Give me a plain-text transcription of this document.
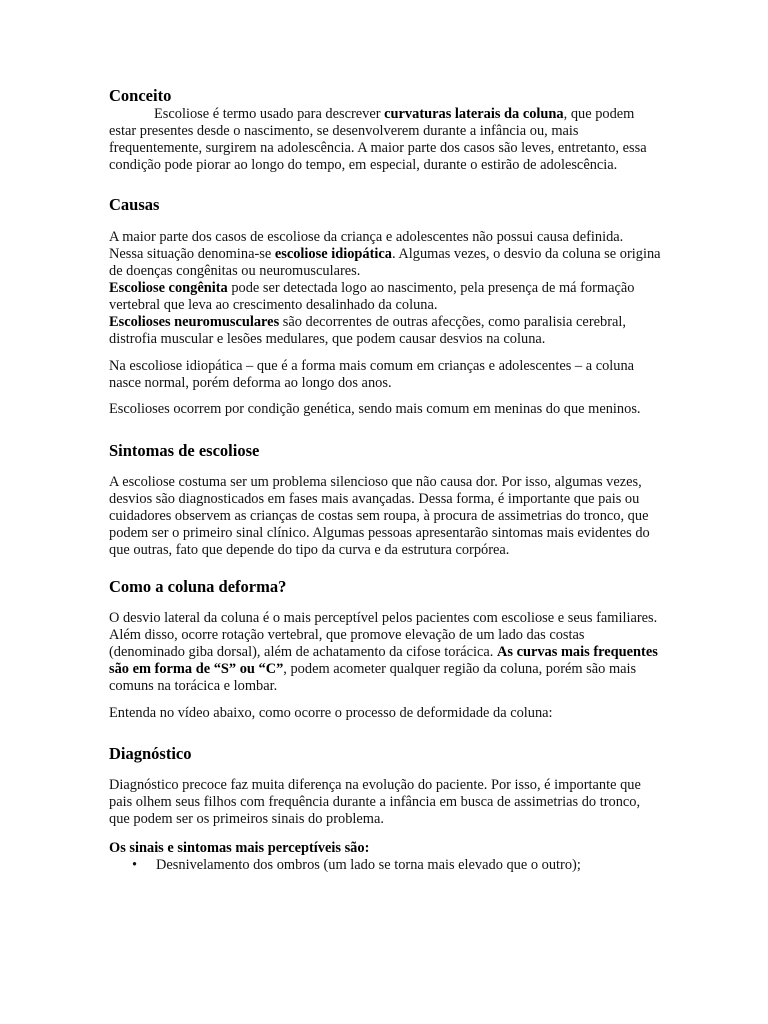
Conceito

Escoliose é termo usado para descrever curvaturas laterais da coluna, que podem estar presentes desde o nascimento, se desenvolverem durante a infância ou, mais frequentemente, surgirem na adolescência. A maior parte dos casos são leves, entretanto, essa condição pode piorar ao longo do tempo, em especial, durante o estirão de adolescência.

Causas

A maior parte dos casos de escoliose da criança e adolescentes não possui causa definida. Nessa situação denomina-se escoliose idiopática. Algumas vezes, o desvio da coluna se origina de doenças congênitas ou neuromusculares.

Escoliose congênita pode ser detectada logo ao nascimento, pela presença de má formação vertebral que leva ao crescimento desalinhado da coluna.

Escolioses neuromusculares são decorrentes de outras afecções, como paralisia cerebral, distrofia muscular e lesões medulares, que podem causar desvios na coluna.

Na escoliose idiopática – que é a forma mais comum em crianças e adolescentes – a coluna nasce normal, porém deforma ao longo dos anos.

Escolioses ocorrem por condição genética, sendo mais comum em meninas do que meninos.

Sintomas de escoliose

A escoliose costuma ser um problema silencioso que não causa dor. Por isso, algumas vezes, desvios são diagnosticados em fases mais avançadas. Dessa forma, é importante que pais ou cuidadores observem as crianças de costas sem roupa, à procura de assimetrias do tronco, que podem ser o primeiro sinal clínico. Algumas pessoas apresentarão sintomas mais evidentes do que outras, fato que depende do tipo da curva e da estrutura corpórea.

Como a coluna deforma?

O desvio lateral da coluna é o mais perceptível pelos pacientes com escoliose e seus familiares. Além disso, ocorre rotação vertebral, que promove elevação de um lado das costas (denominado giba dorsal), além de achatamento da cifose torácica. As curvas mais frequentes são em forma de “S” ou “C”, podem acometer qualquer região da coluna, porém são mais comuns na torácica e lombar.

Entenda no vídeo abaixo, como ocorre o processo de deformidade da coluna:

Diagnóstico

Diagnóstico precoce faz muita diferença na evolução do paciente. Por isso, é importante que pais olhem seus filhos com frequência durante a infância em busca de assimetrias do tronco, que podem ser os primeiros sinais do problema.

Os sinais e sintomas mais perceptíveis são:

• Desnivelamento dos ombros (um lado se torna mais elevado que o outro);
